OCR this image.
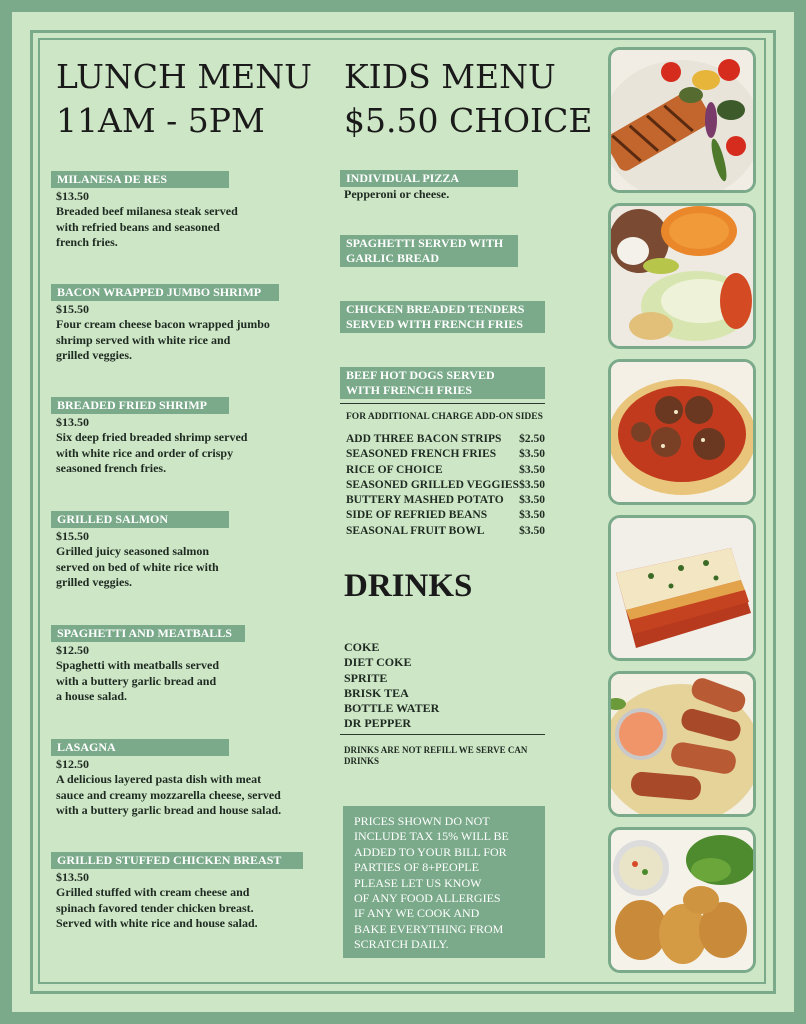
LUNCH MENU
11AM - 5PM
KIDS MENU
$5.50 CHOICE
MILANESA DE RES
$13.50
Breaded beef milanesa steak served
with refried beans and seasoned
french fries.
BACON WRAPPED JUMBO SHRIMP
$15.50
Four cream cheese bacon wrapped jumbo
shrimp served with white rice and
grilled veggies.
BREADED FRIED SHRIMP
$13.50
Six deep fried breaded shrimp served
with white rice and order of crispy
seasoned french fries.
GRILLED SALMON
$15.50
Grilled juicy seasoned salmon
served on bed of white rice with
grilled veggies.
SPAGHETTI AND MEATBALLS
$12.50
Spaghetti with meatballs served
with a buttery garlic bread and
a house salad.
LASAGNA
$12.50
A delicious layered pasta dish with meat
sauce and creamy mozzarella cheese, served
with a buttery garlic bread and house salad.
GRILLED STUFFED CHICKEN BREAST
$13.50
Grilled stuffed with cream cheese and
spinach favored tender chicken breast.
Served with white rice and house salad.
INDIVIDUAL PIZZA
Pepperoni or cheese.
SPAGHETTI SERVED WITH GARLIC BREAD
CHICKEN BREADED TENDERS SERVED WITH FRENCH FRIES
BEEF HOT DOGS SERVED WITH FRENCH FRIES
FOR ADDITIONAL CHARGE ADD-ON SIDES
ADD THREE BACON STRIPS $2.50
SEASONED FRENCH FRIES $3.50
RICE OF CHOICE	$3.50
SEASONED GRILLED VEGGIES $3.50
BUTTERY MASHED POTATO $3.50
SIDE OF REFRIED BEANS	$3.50
SEASONAL FRUIT BOWL	$3.50
DRINKS
COKE
DIET COKE
SPRITE
BRISK TEA
BOTTLE WATER
DR PEPPER
DRINKS ARE NOT REFILL WE SERVE CAN DRINKS
PRICES SHOWN DO NOT
INCLUDE TAX 15% WILL BE
ADDED TO YOUR BILL FOR
PARTIES OF 8+PEOPLE
PLEASE LET US KNOW
OF ANY FOOD ALLERGIES
IF ANY WE COOK AND
BAKE EVERYTHING FROM
SCRATCH DAILY.
